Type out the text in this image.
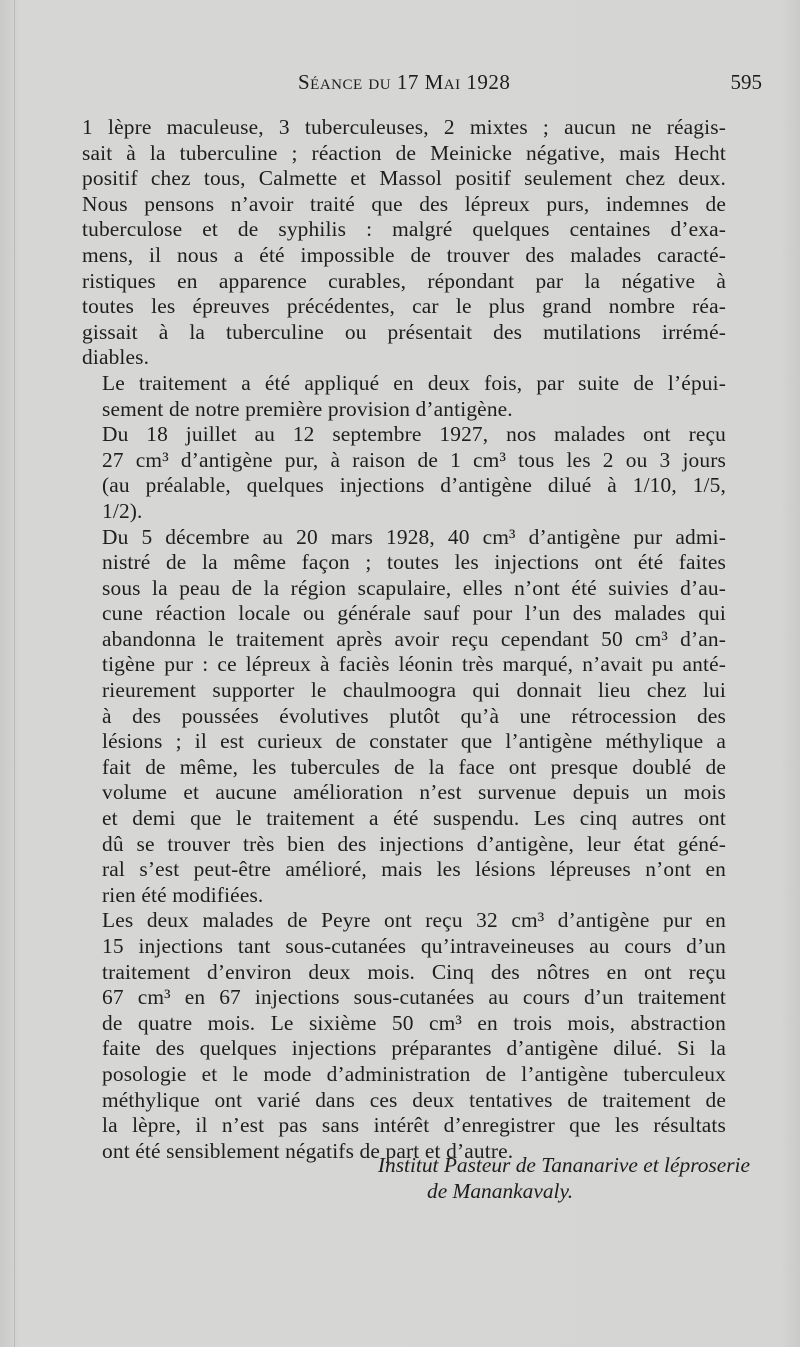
Séance du 17 Mai 1928	595

1 lèpre maculeuse, 3 tuberculeuses, 2 mixtes ; aucun ne réagis-
sait à la tuberculine ; réaction de Meinicke négative, mais Hecht
positif chez tous, Calmette et Massol positif seulement chez deux.
Nous pensons n’avoir traité que des lépreux purs, indemnes de
tuberculose et de syphilis : malgré quelques centaines d’exa-
mens, il nous a été impossible de trouver des malades caracté-
ristiques en apparence curables, répondant par la négative à
toutes les épreuves précédentes, car le plus grand nombre réa-
gissait à la tuberculine ou présentait des mutilations irrémé-
diables.

Le traitement a été appliqué en deux fois, par suite de l’épui-
sement de notre première provision d’antigène.

Du 18 juillet au 12 septembre 1927, nos malades ont reçu
27 cm³ d’antigène pur, à raison de 1 cm³ tous les 2 ou 3 jours
(au préalable, quelques injections d’antigène dilué à 1/10, 1/5,
1/2).

Du 5 décembre au 20 mars 1928, 40 cm³ d’antigène pur admi-
nistré de la même façon ; toutes les injections ont été faites
sous la peau de la région scapulaire, elles n’ont été suivies d’au-
cune réaction locale ou générale sauf pour l’un des malades qui
abandonna le traitement après avoir reçu cependant 50 cm³ d’an-
tigène pur : ce lépreux à faciès léonin très marqué, n’avait pu anté-
rieurement supporter le chaulmoogra qui donnait lieu chez lui
à des poussées évolutives plutôt qu’à une rétrocession des
lésions ; il est curieux de constater que l’antigène méthylique a
fait de même, les tubercules de la face ont presque doublé de
volume et aucune amélioration n’est survenue depuis un mois
et demi que le traitement a été suspendu. Les cinq autres ont
dû se trouver très bien des injections d’antigène, leur état géné-
ral s’est peut-être amélioré, mais les lésions lépreuses n’ont en
rien été modifiées.

Les deux malades de Peyre ont reçu 32 cm³ d’antigène pur en
15 injections tant sous-cutanées qu’intraveineuses au cours d’un
traitement d’environ deux mois. Cinq des nôtres en ont reçu
67 cm³ en 67 injections sous-cutanées au cours d’un traitement
de quatre mois. Le sixième 50 cm³ en trois mois, abstraction
faite des quelques injections préparantes d’antigène dilué. Si la
posologie et le mode d’administration de l’antigène tuberculeux
méthylique ont varié dans ces deux tentatives de traitement de
la lèpre, il n’est pas sans intérêt d’enregistrer que les résultats
ont été sensiblement négatifs de part et d’autre.

Institut Pasteur de Tananarive et léproserie
de Manankavaly.
